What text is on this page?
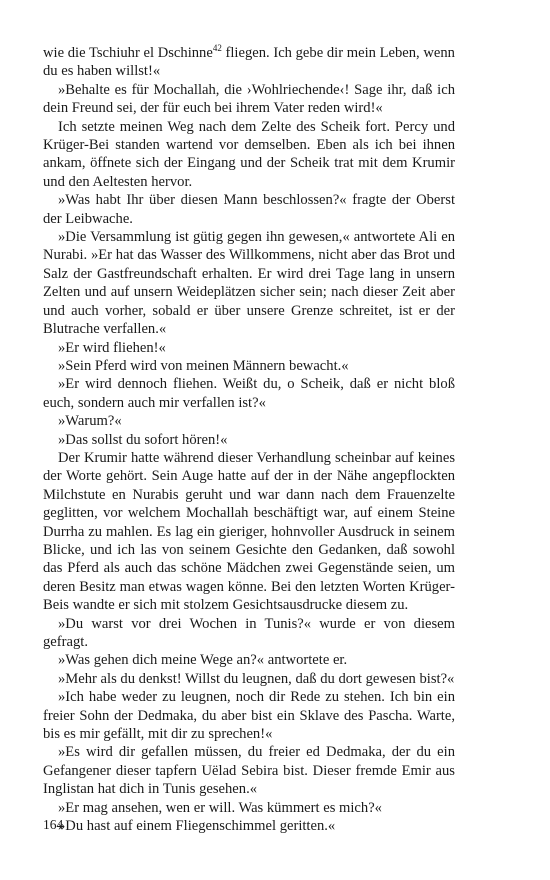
wie die Tschiuhr el Dschinne$^{42}$ fliegen. Ich gebe dir mein Leben, wenn du es haben willst!«

»Behalte es für Mochallah, die ›Wohlriechende‹! Sage ihr, daß ich dein Freund sei, der für euch bei ihrem Vater reden wird!«

Ich setzte meinen Weg nach dem Zelte des Scheik fort. Percy und Krüger-Bei standen wartend vor demselben. Eben als ich bei ihnen ankam, öffnete sich der Eingang und der Scheik trat mit dem Krumir und den Aeltesten hervor.

»Was habt Ihr über diesen Mann beschlossen?« fragte der Oberst der Leibwache.

»Die Versammlung ist gütig gegen ihn gewesen,« antwortete Ali en Nurabi. »Er hat das Wasser des Willkommens, nicht aber das Brot und Salz der Gastfreundschaft erhalten. Er wird drei Tage lang in unsern Zelten und auf unsern Weideplätzen sicher sein; nach dieser Zeit aber und auch vorher, sobald er über unsere Grenze schreitet, ist er der Blutrache verfallen.«

»Er wird fliehen!«

»Sein Pferd wird von meinen Männern bewacht.«

»Er wird dennoch fliehen. Weißt du, o Scheik, daß er nicht bloß euch, sondern auch mir verfallen ist?«

»Warum?«

»Das sollst du sofort hören!«

Der Krumir hatte während dieser Verhandlung scheinbar auf keines der Worte gehört. Sein Auge hatte auf der in der Nähe angepflockten Milchstute en Nurabis geruht und war dann nach dem Frauenzelte geglitten, vor welchem Mochallah beschäftigt war, auf einem Steine Durrha zu mahlen. Es lag ein gieriger, hohnvoller Ausdruck in seinem Blicke, und ich las von seinem Gesichte den Gedanken, daß sowohl das Pferd als auch das schöne Mädchen zwei Gegenstände seien, um deren Besitz man etwas wagen könne. Bei den letzten Worten Krüger-Beis wandte er sich mit stolzem Gesichtsausdrucke diesem zu.

»Du warst vor drei Wochen in Tunis?« wurde er von diesem gefragt.

»Was gehen dich meine Wege an?« antwortete er.

»Mehr als du denkst! Willst du leugnen, daß du dort gewesen bist?«

»Ich habe weder zu leugnen, noch dir Rede zu stehen. Ich bin ein freier Sohn der Dedmaka, du aber bist ein Sklave des Pascha. Warte, bis es mir gefällt, mit dir zu sprechen!«

»Es wird dir gefallen müssen, du freier ed Dedmaka, der du ein Gefangener dieser tapfern Uëlad Sebira bist. Dieser fremde Emir aus Inglistan hat dich in Tunis gesehen.«

»Er mag ansehen, wen er will. Was kümmert es mich?«

»Du hast auf einem Fliegenschimmel geritten.«

164
